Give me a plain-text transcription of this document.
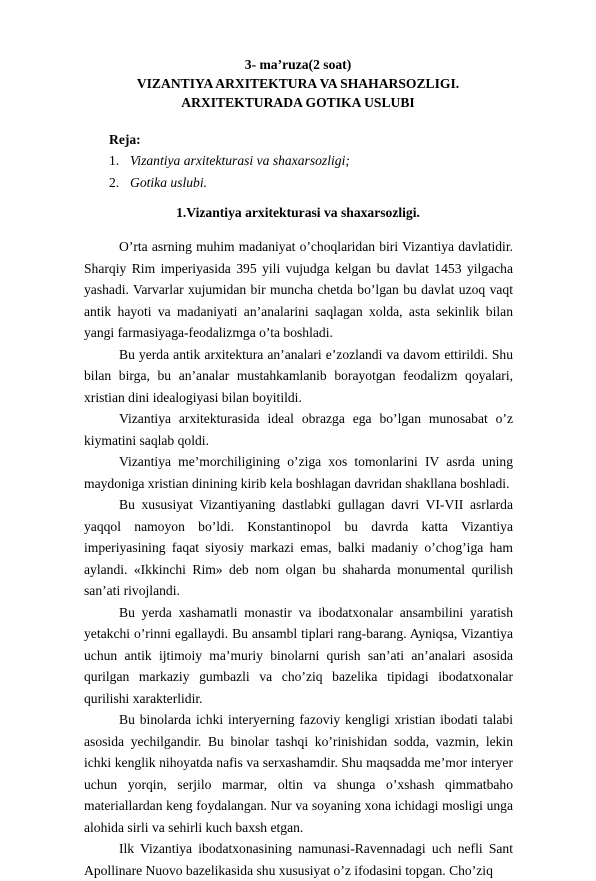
3- ma’ruza(2 soat)
VIZANTIYA ARXITEKTURA VA SHAHARSOZLIGI.
ARXITEKTURADA GOTIKA USLUBI
Reja:
1. Vizantiya arxitekturasi va shaxarsozligi;
2. Gotika uslubi.
1.Vizantiya arxitekturasi va shaxarsozligi.

O’rta asrning muhim madaniyat o’choqlaridan biri Vizantiya davlatidir. Sharqiy Rim imperiyasida 395 yili vujudga kelgan bu davlat 1453 yilgacha yashadi. Varvarlar xujumidan bir muncha chetda bo’lgan bu davlat uzoq vaqt antik hayoti va madaniyati an’analarini saqlagan xolda, asta sekinlik bilan yangi farmasiyaga-feodalizmga o’ta boshladi.

Bu yerda antik arxitektura an’analari e’zozlandi va davom ettirildi. Shu bilan birga, bu an’analar mustahkamlanib borayotgan feodalizm qoyalari, xristian dini idealogiyasi bilan boyitildi.

Vizantiya arxitekturasida ideal obrazga ega bo’lgan munosabat o’z kiymatini saqlab qoldi.

Vizantiya me’morchiligining o’ziga xos tomonlarini IV asrda uning maydoniga xristian dinining kirib kela boshlagan davridan shakllana boshladi.

Bu xususiyat Vizantiyaning dastlabki gullagan davri VI-VII asrlarda yaqqol namoyon bo’ldi. Konstantinopol bu davrda katta Vizantiya imperiyasining faqat siyosiy markazi emas, balki madaniy o’chog’iga ham aylandi. «Ikkinchi Rim» deb nom olgan bu shaharda monumental qurilish san’ati rivojlandi.

Bu yerda xashamatli monastir va ibodatxonalar ansambilini yaratish yetakchi o’rinni egallaydi. Bu ansambl tiplari rang-barang. Ayniqsa, Vizantiya uchun antik ijtimoiy ma’muriy binolarni qurish san’ati an’analari asosida qurilgan markaziy gumbazli va cho’ziq bazelika tipidagi ibodatxonalar qurilishi xarakterlidir.

Bu binolarda ichki interyerning fazoviy kengligi xristian ibodati talabi asosida yechilgandir. Bu binolar tashqi ko’rinishidan sodda, vazmin, lekin ichki kenglik nihoyatda nafis va serxashamdir. Shu maqsadda me’mor interyer uchun yorqin, serjilo marmar, oltin va shunga o’xshash qimmatbaho materiallardan keng foydalangan. Nur va soyaning xona ichidagi mosligi unga alohida sirli va sehirli kuch baxsh etgan.

Ilk Vizantiya ibodatxonasining namunasi-Ravennadagi uch nefli Sant Apollinare Nuovo bazelikasida shu xususiyat o’z ifodasini topgan. Cho’ziq
